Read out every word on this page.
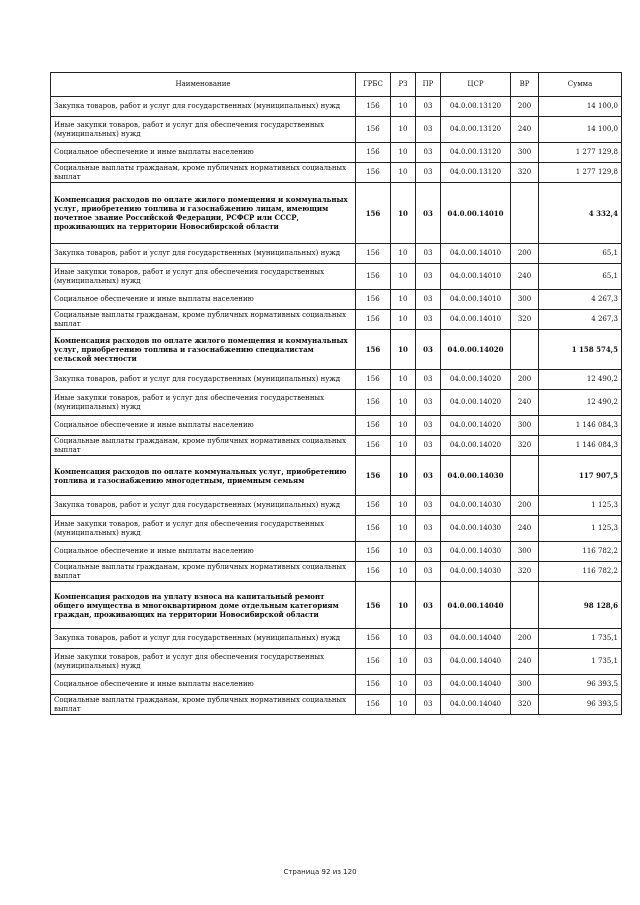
Наименование	ГРБС	РЗ	ПР	ЦСР	ВР	Сумма
Закупка товаров, работ и услуг для государственных (муниципальных) нужд	156	10	03	04.0.00.13120	200	14 100,0
Иные закупки товаров, работ и услуг для обеспечения государственных (муниципальных) нужд	156	10	03	04.0.00.13120	240	14 100,0
Социальное обеспечение и иные выплаты населению	156	10	03	04.0.00.13120	300	1 277 129,8
Социальные выплаты гражданам, кроме публичных нормативных социальных выплат	156	10	03	04.0.00.13120	320	1 277 129,8
Компенсация расходов по оплате жилого помещения и коммунальных услуг, приобретению топлива и газоснабжению лицам, имеющим почетное звание Российской Федерации, РСФСР или СССР, проживающих на территории Новосибирской области	156	10	03	04.0.00.14010		4 332,4
Закупка товаров, работ и услуг для государственных (муниципальных) нужд	156	10	03	04.0.00.14010	200	65,1
Иные закупки товаров, работ и услуг для обеспечения государственных (муниципальных) нужд	156	10	03	04.0.00.14010	240	65,1
Социальное обеспечение и иные выплаты населению	156	10	03	04.0.00.14010	300	4 267,3
Социальные выплаты гражданам, кроме публичных нормативных социальных выплат	156	10	03	04.0.00.14010	320	4 267,3
Компенсация расходов по оплате жилого помещения и коммунальных услуг, приобретению топлива и газоснабжению специалистам сельской местности	156	10	03	04.0.00.14020		1 158 574,5
Закупка товаров, работ и услуг для государственных (муниципальных) нужд	156	10	03	04.0.00.14020	200	12 490,2
Иные закупки товаров, работ и услуг для обеспечения государственных (муниципальных) нужд	156	10	03	04.0.00.14020	240	12 490,2
Социальное обеспечение и иные выплаты населению	156	10	03	04.0.00.14020	300	1 146 084,3
Социальные выплаты гражданам, кроме публичных нормативных социальных выплат	156	10	03	04.0.00.14020	320	1 146 084,3
Компенсация расходов по оплате коммунальных услуг, приобретению топлива и газоснабжению многодетным, приемным семьям	156	10	03	04.0.00.14030		117 907,5
Закупка товаров, работ и услуг для государственных (муниципальных) нужд	156	10	03	04.0.00.14030	200	1 125,3
Иные закупки товаров, работ и услуг для обеспечения государственных (муниципальных) нужд	156	10	03	04.0.00.14030	240	1 125,3
Социальное обеспечение и иные выплаты населению	156	10	03	04.0.00.14030	300	116 782,2
Социальные выплаты гражданам, кроме публичных нормативных социальных выплат	156	10	03	04.0.00.14030	320	116 782,2
Компенсация расходов на уплату взноса на капитальный ремонт общего имущества в многоквартирном доме отдельным категориям граждан, проживающих на территории Новосибирской области	156	10	03	04.0.00.14040		98 128,6
Закупка товаров, работ и услуг для государственных (муниципальных) нужд	156	10	03	04.0.00.14040	200	1 735,1
Иные закупки товаров, работ и услуг для обеспечения государственных (муниципальных) нужд	156	10	03	04.0.00.14040	240	1 735,1
Социальное обеспечение и иные выплаты населению	156	10	03	04.0.00.14040	300	96 393,5
Социальные выплаты гражданам, кроме публичных нормативных социальных выплат	156	10	03	04.0.00.14040	320	96 393,5
Страница 92 из 120
